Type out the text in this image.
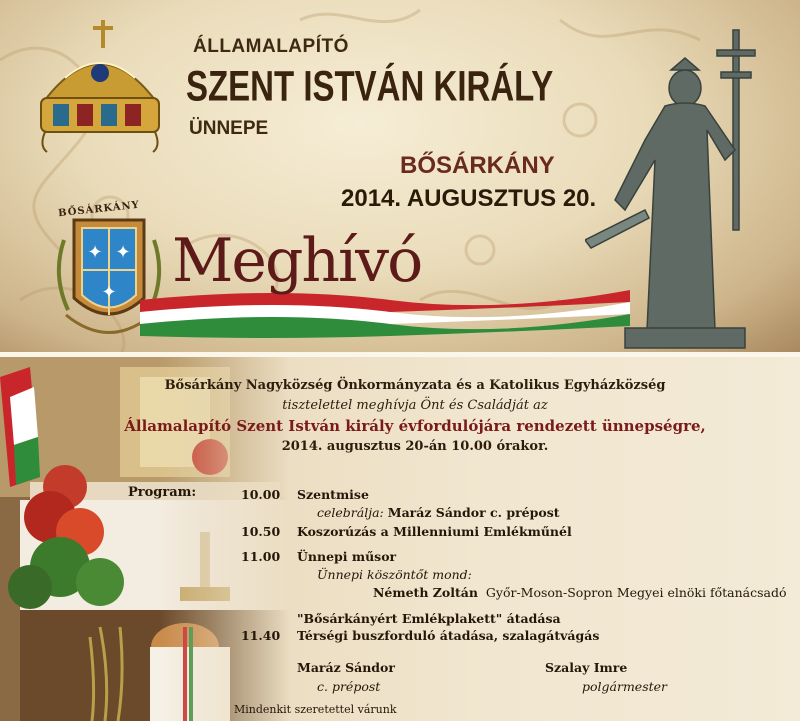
ÁLLAMALAPÍTÓ
SZENT ISTVÁN KIRÁLY
ÜNNEPE
BŐSÁRKÁNY
2014. AUGUSZTUS 20.
BŐSÁRKÁNY
✦ ✦
✦ Meghívó
Bősárkány Nagyközség Önkormányzata és a Katolikus Egyházközség
tisztelettel meghívja Önt és Családját az
Államalapító Szent István király évfordulójára rendezett ünnepségre,
2014. augusztus 20-án 10.00 órakor.
Program:	10.00 Szentmise
celebrálja: Maráz Sándor c. prépost
10.50 Koszorúzás a Millenniumi Emlékműnél
11.00 Ünnepi műsor
Ünnepi köszöntőt mond:
Németh Zoltán  Győr-Moson-Sopron Megyei elnöki főtanácsadó
"Bősárkányért Emlékplakett" átadása
11.40 Térségi buszforduló átadása, szalagátvágás
Maráz Sándor
c. prépost
Szalay Imre
polgármester
Mindenkit szeretettel várunk
